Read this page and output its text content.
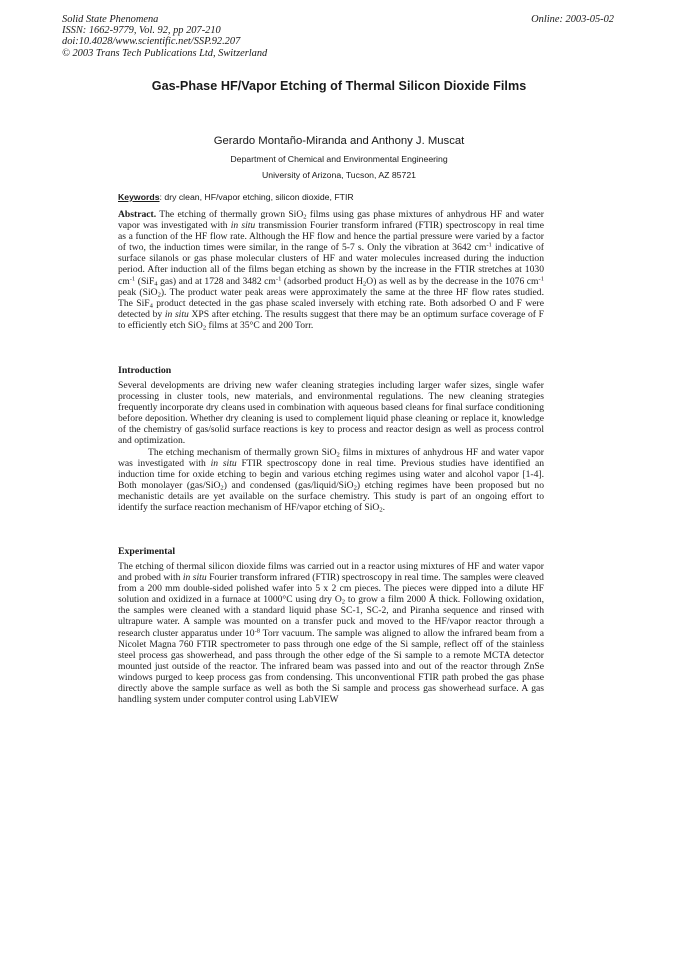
Solid State Phenomena
ISSN: 1662-9779, Vol. 92, pp 207-210
doi:10.4028/www.scientific.net/SSP.92.207
© 2003 Trans Tech Publications Ltd, Switzerland
Online: 2003-05-02
Gas-Phase HF/Vapor Etching of Thermal Silicon Dioxide Films
Gerardo Montaño-Miranda and Anthony J. Muscat
Department of Chemical and Environmental Engineering
University of Arizona, Tucson, AZ 85721
Keywords: dry clean, HF/vapor etching, silicon dioxide, FTIR

Abstract. The etching of thermally grown SiO$_2$ films using gas phase mixtures of anhydrous HF and water vapor was investigated with in situ transmission Fourier transform infrared (FTIR) spectroscopy in real time as a function of the HF flow rate. Although the HF flow and hence the partial pressure were varied by a factor of two, the induction times were similar, in the range of 5-7 s. Only the vibration at 3642 $cm^{-1}$ indicative of surface silanols or gas phase molecular clusters of HF and water molecules increased during the induction period. After induction all of the films began etching as shown by the increase in the FTIR stretches at 1030 $cm^{-1}$ (SiF$_4$ gas) and at 1728 and 3482 $cm^{-1}$ (adsorbed product $H_2O$) as well as by the decrease in the 1076 $cm^{-1}$ peak (SiO$_2$). The product water peak areas were approximately the same at the three HF flow rates studied. The SiF$_4$ product detected in the gas phase scaled inversely with etching rate. Both adsorbed O and F were detected by in situ XPS after etching. The results suggest that there may be an optimum surface coverage of F to efficiently etch SiO$_2$ films at 35°C and 200 Torr.

Introduction

Several developments are driving new wafer cleaning strategies including larger wafer sizes, single wafer processing in cluster tools, new materials, and environmental regulations. The new cleaning strategies frequently incorporate dry cleans used in combination with aqueous based cleans for final surface conditioning before deposition. Whether dry cleaning is used to complement liquid phase cleaning or replace it, knowledge of the chemistry of gas/solid surface reactions is key to process and reactor design as well as process control and optimization.

The etching mechanism of thermally grown SiO$_2$ films in mixtures of anhydrous HF and water vapor was investigated with in situ FTIR spectroscopy done in real time. Previous studies have identified an induction time for oxide etching to begin and various etching regimes using water and alcohol vapor [1-4]. Both monolayer (gas/SiO$_2$) and condensed (gas/liquid/SiO$_2$) etching regimes have been proposed but no mechanistic details are yet available on the surface chemistry. This study is part of an ongoing effort to identify the surface reaction mechanism of HF/vapor etching of SiO$_2$.

Experimental

The etching of thermal silicon dioxide films was carried out in a reactor using mixtures of HF and water vapor and probed with in situ Fourier transform infrared (FTIR) spectroscopy in real time. The samples were cleaved from a 200 mm double-sided polished wafer into 5 x 2 cm pieces. The pieces were dipped into a dilute HF solution and oxidized in a furnace at 1000°C using dry $O_2$ to grow a film 2000 Å thick. Following oxidation, the samples were cleaned with a standard liquid phase SC-1, SC-2, and Piranha sequence and rinsed with ultrapure water. A sample was mounted on a transfer puck and moved to the HF/vapor reactor through a research cluster apparatus under $10^{-8}$ Torr vacuum. The sample was aligned to allow the infrared beam from a Nicolet Magna 760 FTIR spectrometer to pass through one edge of the Si sample, reflect off of the stainless steel process gas showerhead, and pass through the other edge of the Si sample to a remote MCTA detector mounted just outside of the reactor. The infrared beam was passed into and out of the reactor through ZnSe windows purged to keep process gas from condensing. This unconventional FTIR path probed the gas phase directly above the sample surface as well as both the Si sample and process gas showerhead surface. A gas handling system under computer control using LabVIEW
